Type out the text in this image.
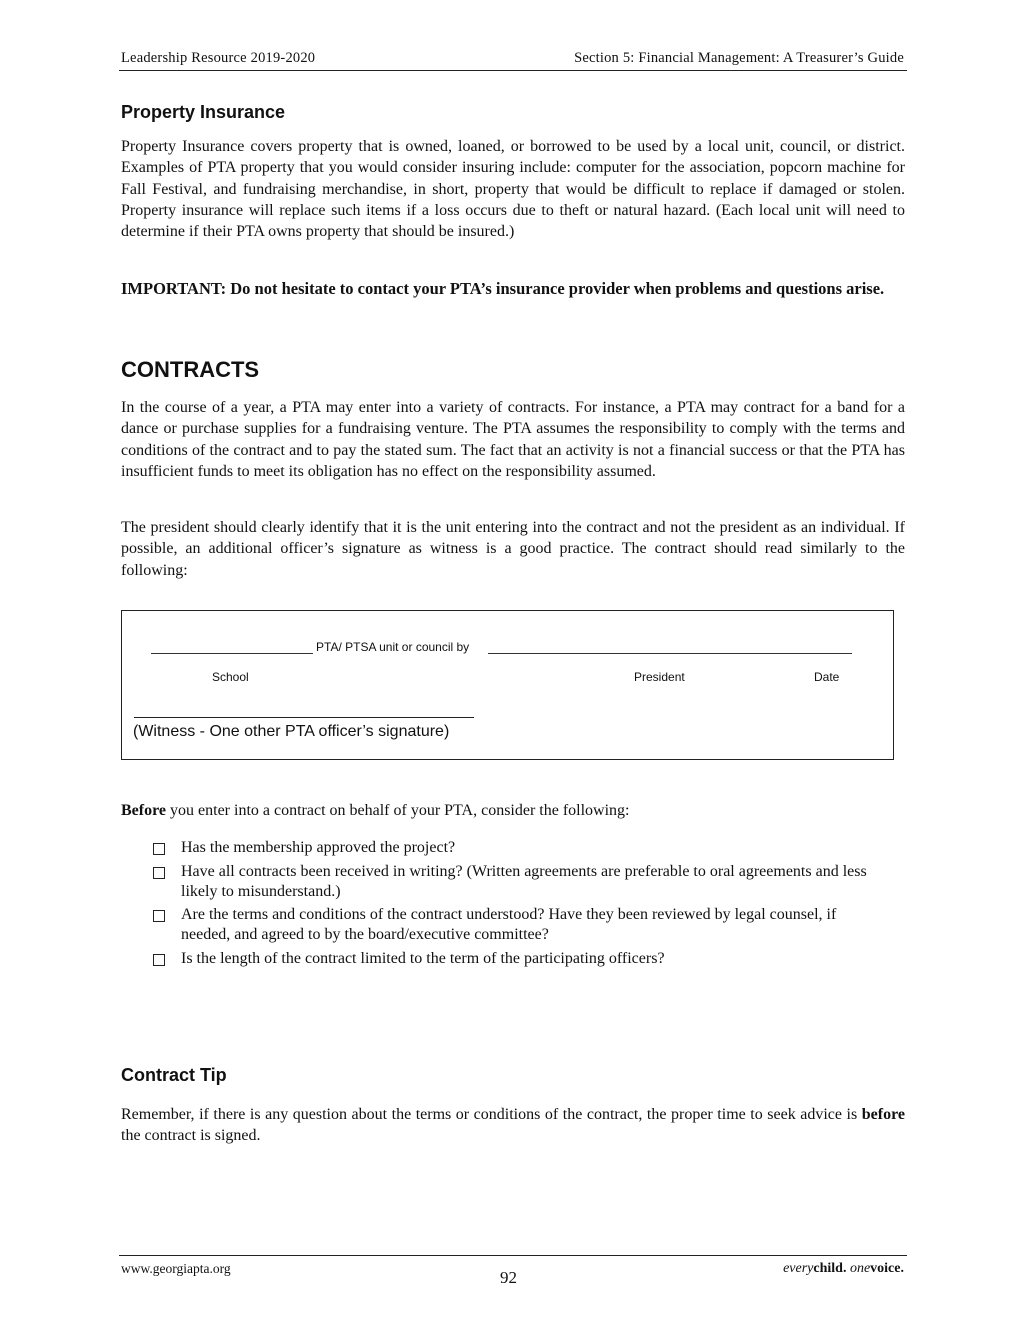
Leadership Resource 2019-2020	Section 5: Financial Management: A Treasurer’s Guide
Property Insurance

Property Insurance covers property that is owned, loaned, or borrowed to be used by a local unit, council, or district. Examples of PTA property that you would consider insuring include: computer for the association, popcorn machine for Fall Festival, and fundraising merchandise, in short, property that would be difficult to replace if damaged or stolen. Property insurance will replace such items if a loss occurs due to theft or natural hazard. (Each local unit will need to determine if their PTA owns property that should be insured.)

IMPORTANT: Do not hesitate to contact your PTA’s insurance provider when problems and questions arise.

CONTRACTS

In the course of a year, a PTA may enter into a variety of contracts. For instance, a PTA may contract for a band for a dance or purchase supplies for a fundraising venture. The PTA assumes the responsibility to comply with the terms and conditions of the contract and to pay the stated sum. The fact that an activity is not a financial success or that the PTA has insufficient funds to meet its obligation has no effect on the responsibility assumed.

The president should clearly identify that it is the unit entering into the contract and not the president as an individual. If possible, an additional officer’s signature as witness is a good practice. The contract should read similarly to the following:

PTA/ PTSA unit or council by
School	President	Date
(Witness - One other PTA officer’s signature)
Before you enter into a contract on behalf of your PTA, consider the following:
Has the membership approved the project?
Have all contracts been received in writing? (Written agreements are preferable to oral agreements and less likely to misunderstand.)
Are the terms and conditions of the contract understood? Have they been reviewed by legal counsel, if needed, and agreed to by the board/executive committee?
Is the length of the contract limited to the term of the participating officers?
Contract Tip

Remember, if there is any question about the terms or conditions of the contract, the proper time to seek advice is before the contract is signed.

www.georgiapta.org	92	everychild. onevoice.
